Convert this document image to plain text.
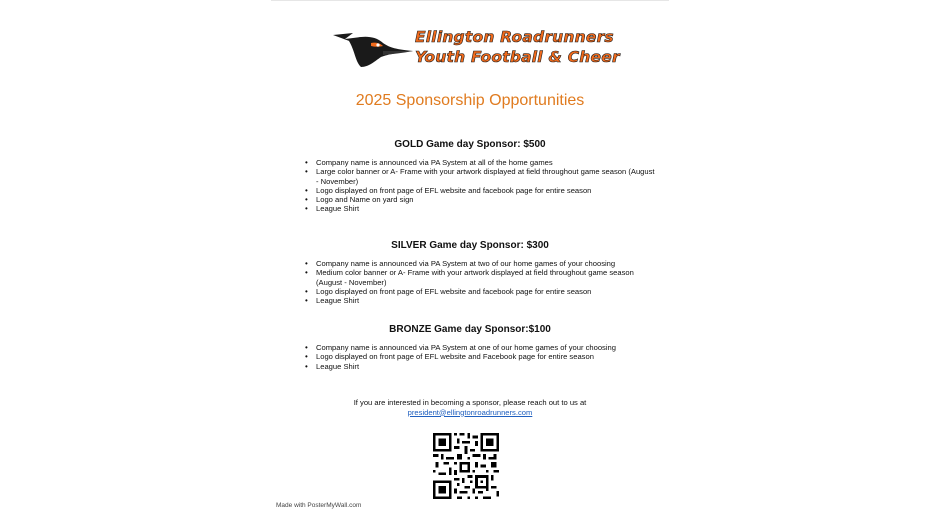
Ellington Roadrunners
Youth Football & Cheer
2025 Sponsorship Opportunities
GOLD Game day Sponsor: $500
• Company name is announced via PA System at all of the home games
• Large color banner or A- Frame with your artwork displayed at field throughout game season (August - November)
• Logo displayed on front page of EFL website and facebook page for entire season
• Logo and Name on yard sign
• League Shirt
SILVER Game day Sponsor: $300
• Company name is announced via PA System at two of our home games of your choosing
• Medium color banner or A- Frame with your artwork displayed at field throughout game season (August - November)
• Logo displayed on front page of EFL website and facebook page for entire season
• League Shirt
BRONZE Game day Sponsor:$100
• Company name is announced via PA System at one of our home games of your choosing
• Logo displayed on front page of EFL website and Facebook page for entire season
• League Shirt
If you are interested in becoming a sponsor, please reach out to us at
president@ellingtonroadrunners.com
Made with PosterMyWall.com
